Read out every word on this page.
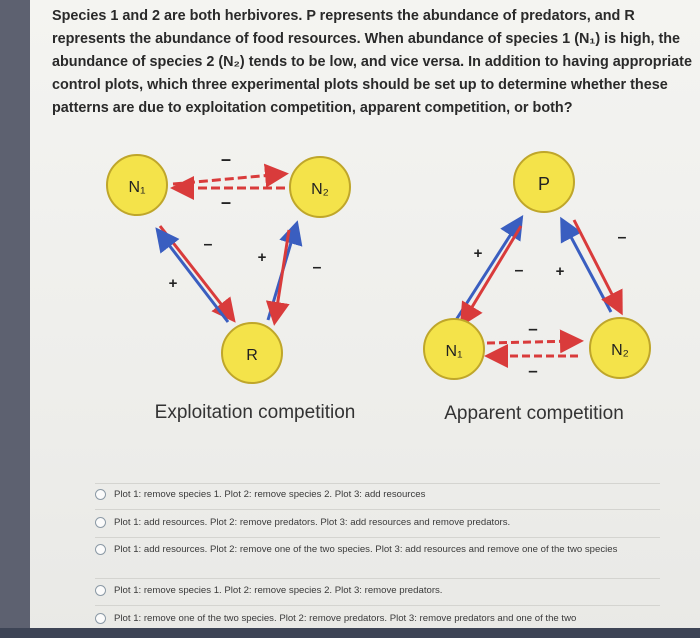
Species 1 and 2 are both herbivores. P represents the abundance of predators, and R represents the abundance of food resources. When abundance of species 1 (N₁) is high, the abundance of species 2 (N₂) tends to be low, and vice versa. In addition to having appropriate control plots, which three experimental plots should be set up to determine whether these patterns are due to exploitation competition, apparent competition, or both?

–
–
+
–
+
–
N₁	N₂
R
Exploitation competition
+
– +
–
–
–
P
N₁	N₂
Apparent competition
Plot 1: remove species 1. Plot 2: remove species 2. Plot 3: add resources
Plot 1: add resources. Plot 2: remove predators. Plot 3: add resources and remove predators.
Plot 1: add resources. Plot 2: remove one of the two species. Plot 3: add resources and remove one of the two species
Plot 1: remove species 1. Plot 2: remove species 2. Plot 3: remove predators.
Plot 1: remove one of the two species. Plot 2: remove predators. Plot 3: remove predators and one of the two
